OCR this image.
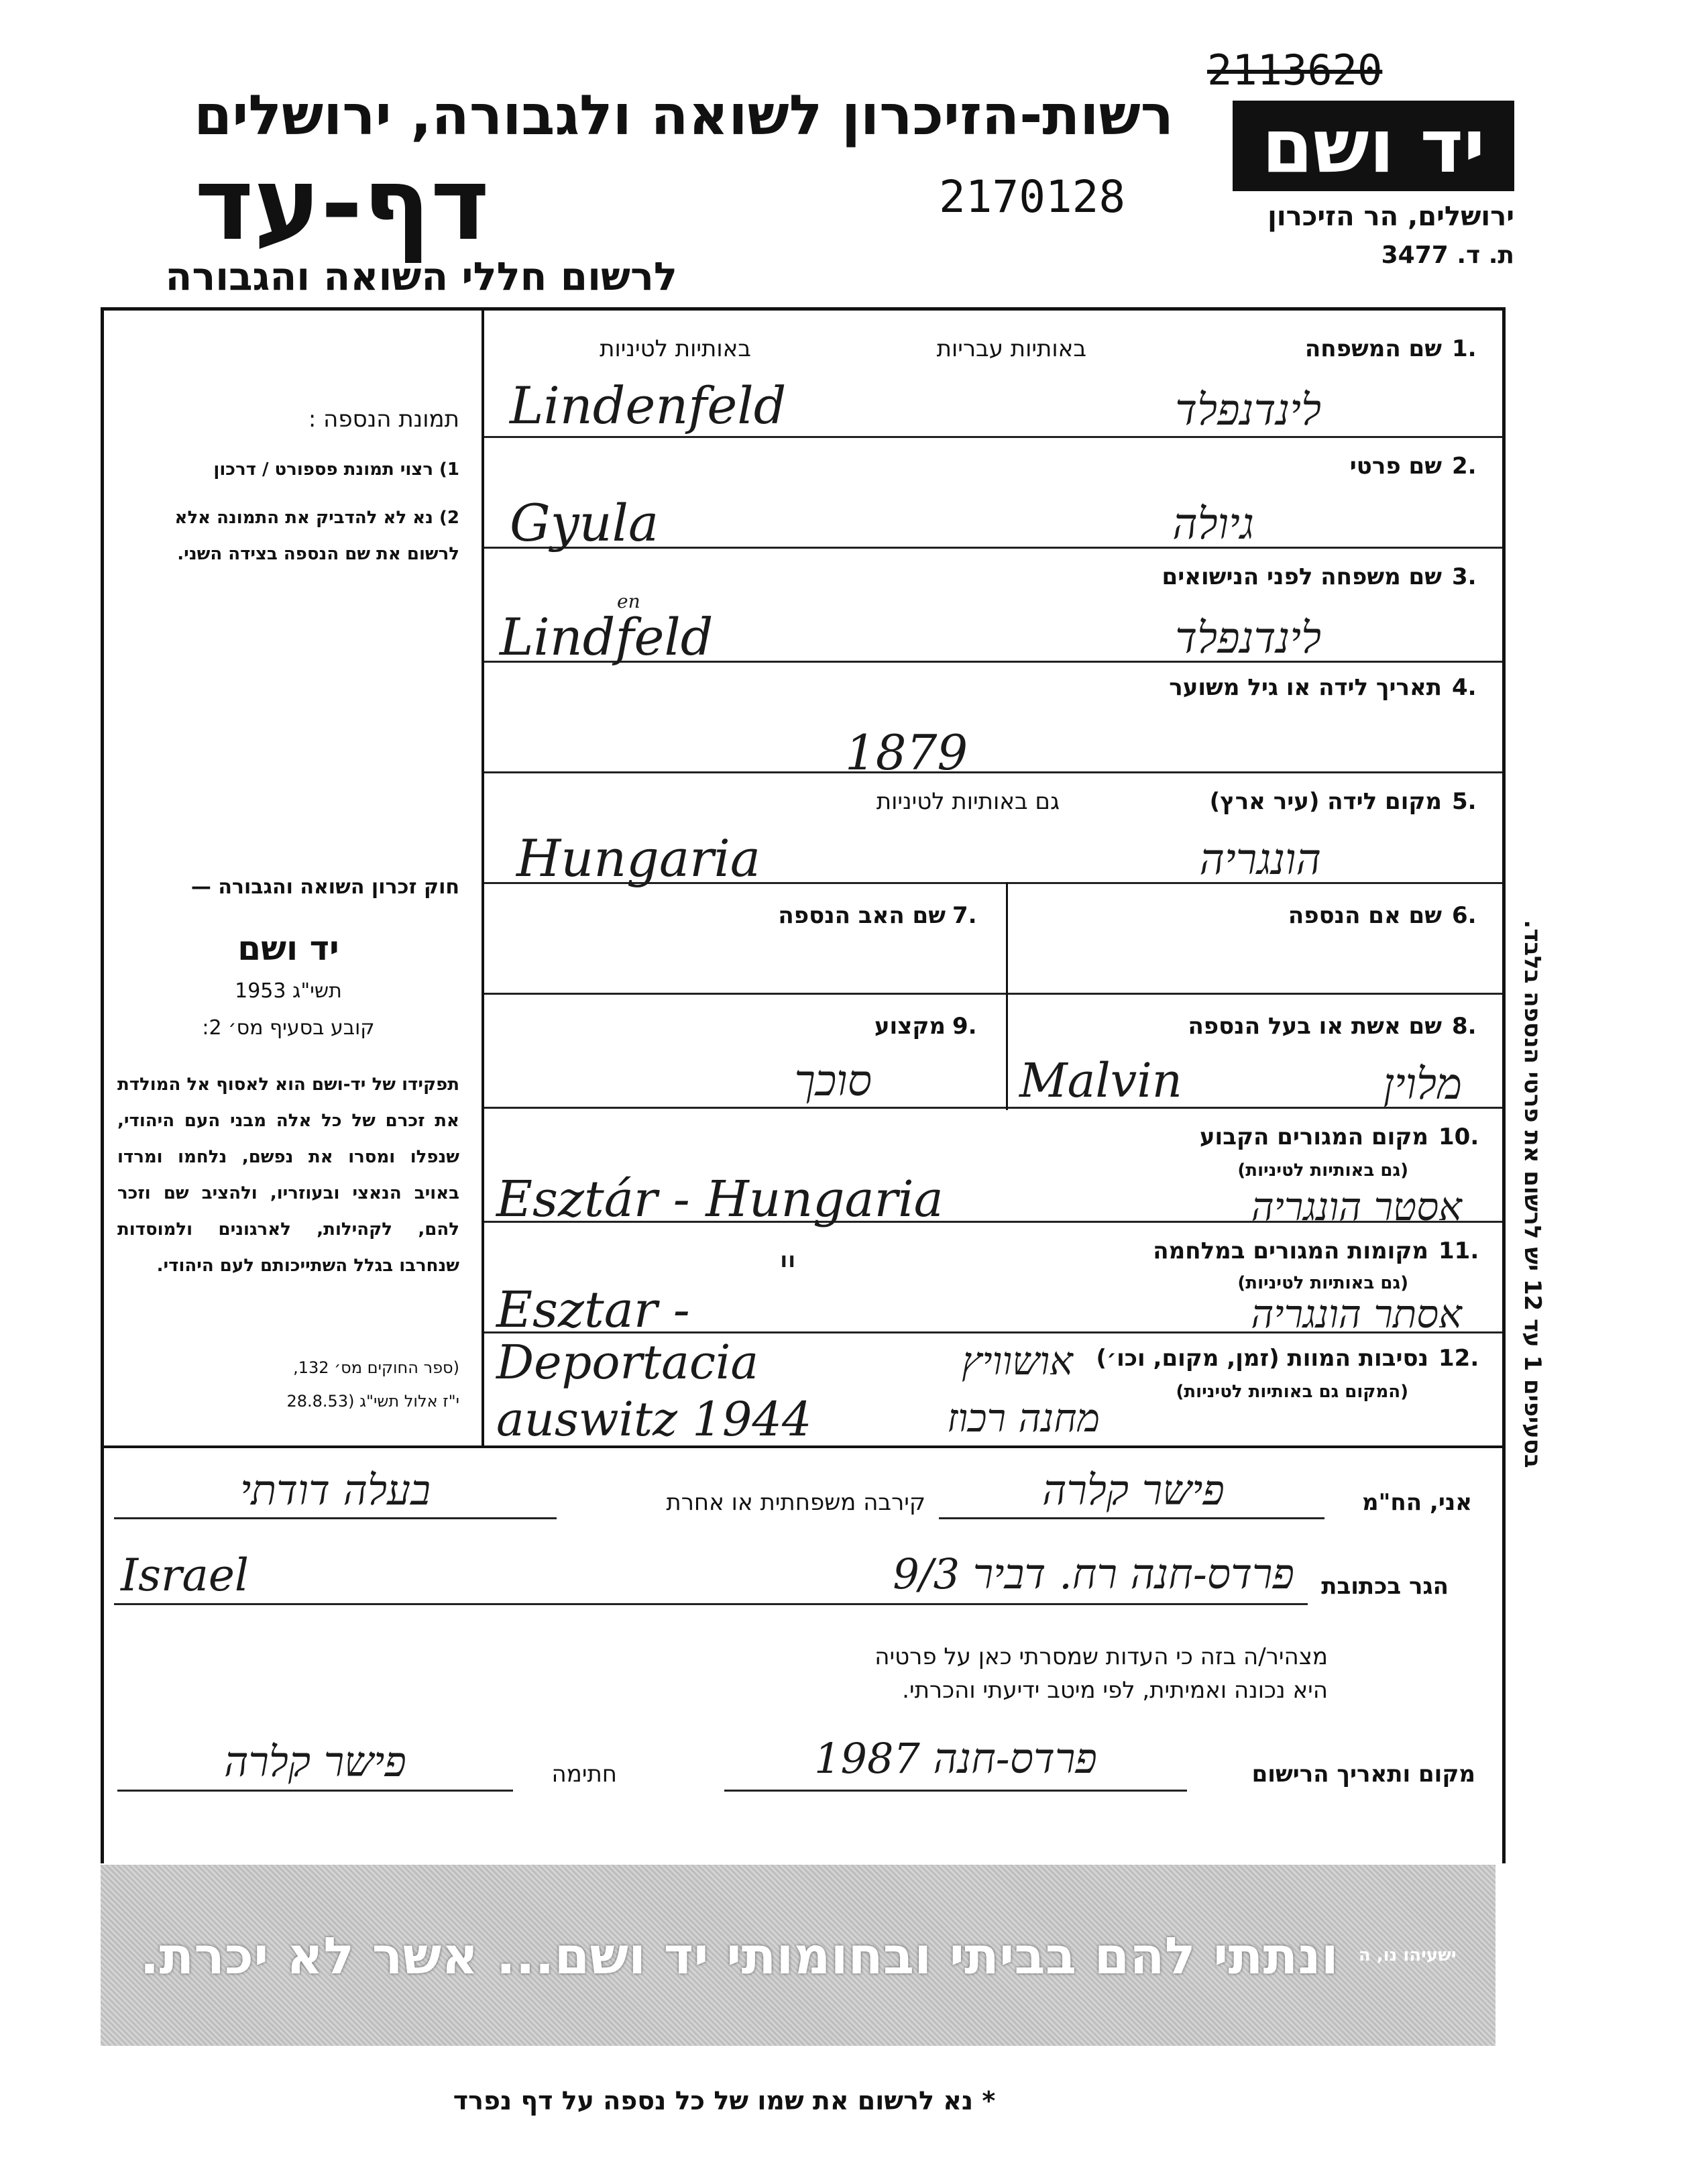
2113620
יד ושם
ירושלים, הר הזיכרון
ת. ד. 3477
רשות-הזיכרון לשואה ולגבורה, ירושלים
דף-עד	2170128
לרשום חללי השואה והגבורה
בסעיפים 1 עד 12 יש לרשום את פרטי הנספה בלבד.
תמונת הנספה :
1) רצוי תמונת פספורט / דרכון
2) נא לא להדביק את התמונה אלא לרשום את שם הנספה בצידה השני.
חוק זכרון השואה והגבורה —
יד ושם
תשי"ג 1953
קובע בסעיף מס׳ 2:
תפקידו של יד-ושם הוא לאסוף אל המולדת את זכרם של כל אלה מבני העם היהודי, שנפלו ומסרו את נפשם, נלחמו ומרדו באויב הנאצי ובעוזריו, ולהציב שם וזכר להם, לקהילות, לארגונים ולמוסדות שנחרבו בגלל השתייכותם לעם היהודי.
(ספר החוקים מס׳ 132,
י"ז אלול תשי"ג (28.8.53
1.
שם המשפחה
באותיות עבריות
באותיות לטיניות
Lindenfeld	לינדנפלד
2.
שם פרטי
Gyula	גיולה
3.
שם משפחה לפני הנישואים
en
Lindfeld	לינדנפלד
4.
תאריך לידה או גיל משוער
1879
5.
מקום לידה (עיר ארץ)
גם באותיות לטיניות
Hungaria	הונגריה
6.
שם אם הנספה
7.
שם האב הנספה
8.
שם אשת או בעל הנספה
Malvin	מלוין
9.
מקצוע
סוכך
10.
מקום המגורים הקבוע
(גם באותיות לטיניות)
Esztár - Hungaria	אסטר הונגריה
11.
מקומות המגורים במלחמה
(גם באותיות לטיניות)
"
Esztar -	אסתר הונגריה
12.
נסיבות המוות (זמן, מקום, וכו׳)
(המקום גם באותיות לטיניות)
Deportacia
auswitz 1944
אושוויץ
מחנה רכוז
אני, הח"מ
פישר קלרה
קירבה משפחתית או אחרת
בעלה דודתי
הגר בכתובת
פרדס-חנה רח. דביר 9/3
Israel
מצהיר/ה בזה כי העדות שמסרתי כאן על פרטיה
היא נכונה ואמיתית, לפי מיטב ידיעתי והכרתי.
מקום ותאריך הרישום
פרדס-חנה 1987
חתימה
פישר קלרה
ונתתי להם בביתי ובחומותי יד ושם... אשר לא יכרת. ישעיהו נו, ה
* נא לרשום את שמו של כל נספה על דף נפרד
